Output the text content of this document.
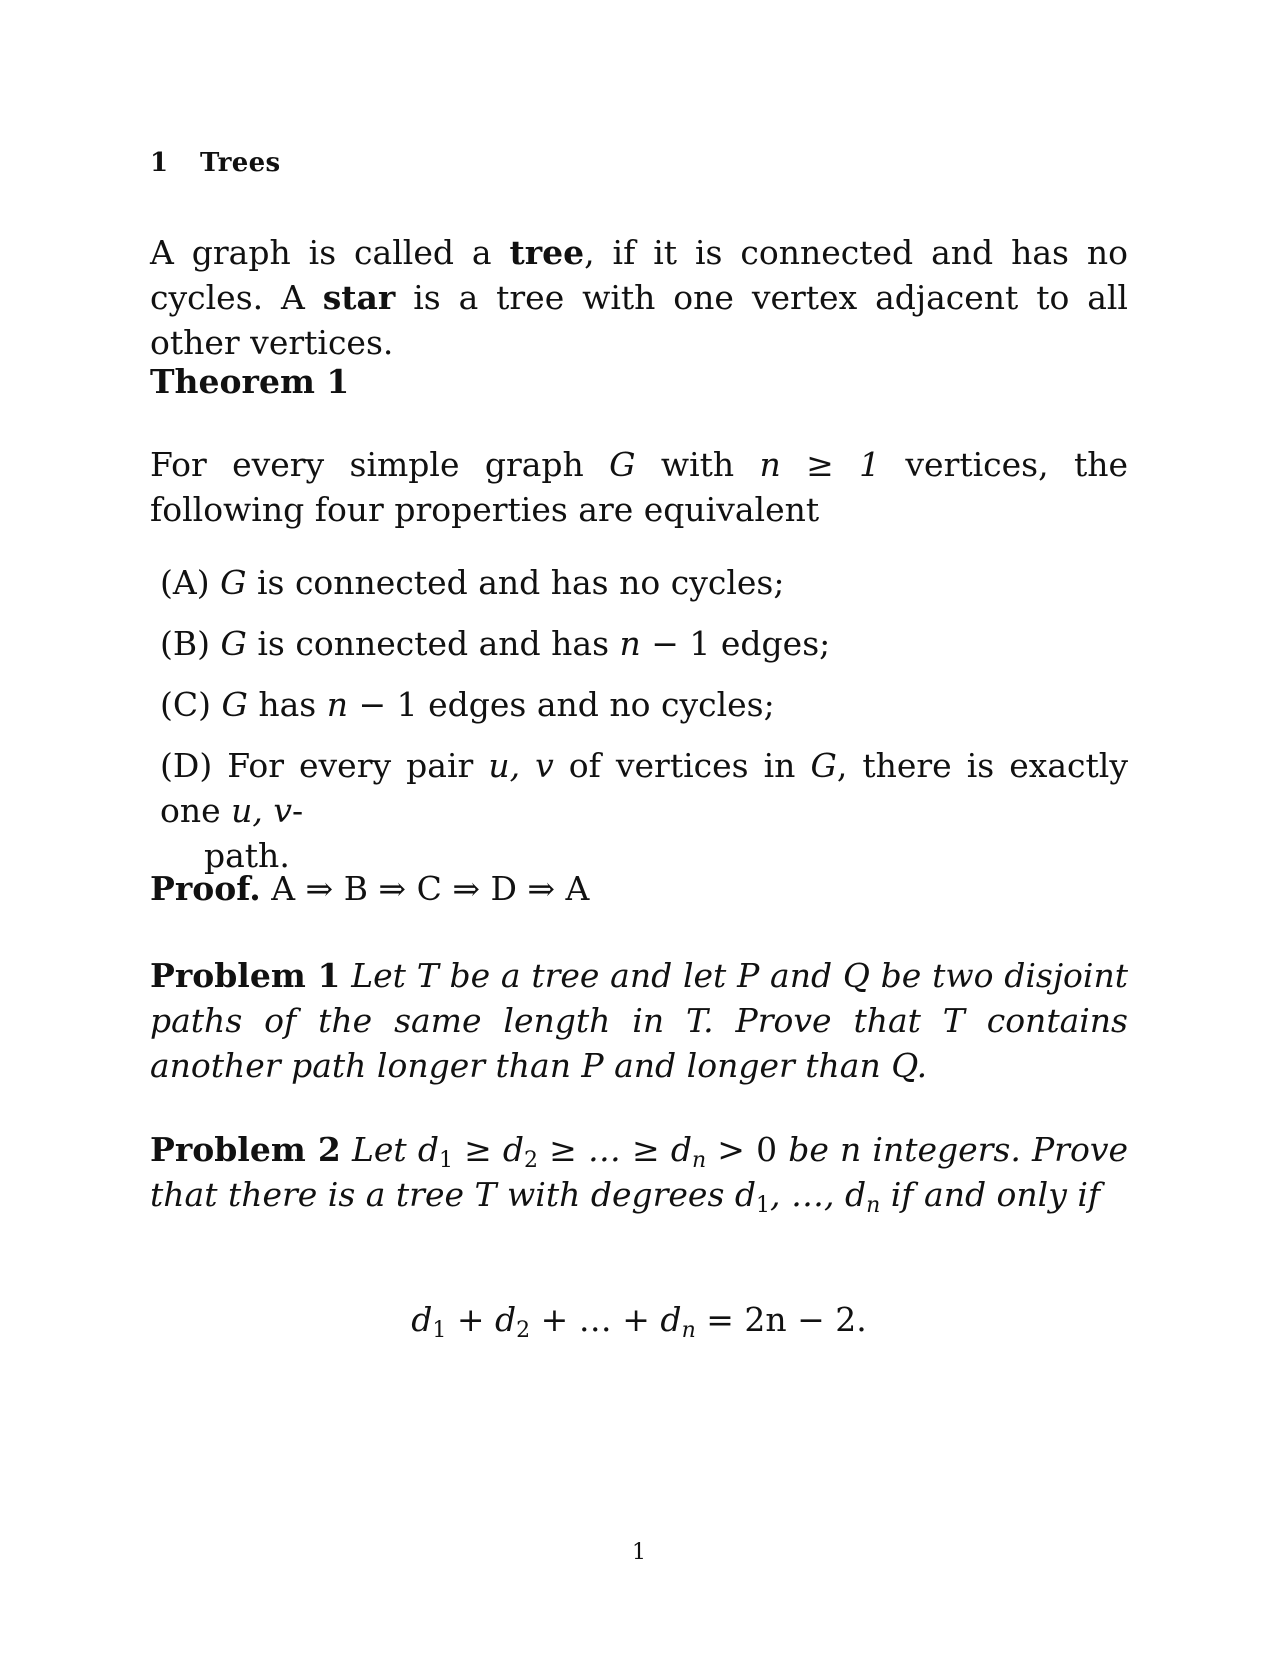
1 Trees
A graph is called a tree, if it is connected and has no cycles. A star is a tree with one vertex adjacent to all other vertices.
Theorem 1
For every simple graph G with n ≥ 1 vertices, the following four properties are equivalent
(A) G is connected and has no cycles;
(B) G is connected and has n − 1 edges;
(C) G has n − 1 edges and no cycles;
(D) For every pair u, v of vertices in G, there is exactly one u, v-
path.
Proof. A ⇒ B ⇒ C ⇒ D ⇒ A
Problem 1 Let T be a tree and let P and Q be two disjoint paths of the same length in T. Prove that T contains another path longer than P and longer than Q.
Problem 2 Let $d_1 \ge d_2$ ≥ … ≥ $d_n > 0$ be n integers. Prove that there is a tree T with degrees $d_1$, …, $d_n$ if and only if
$d_1 + d_2$ + … + $d_n = 2n - 2$.
1
